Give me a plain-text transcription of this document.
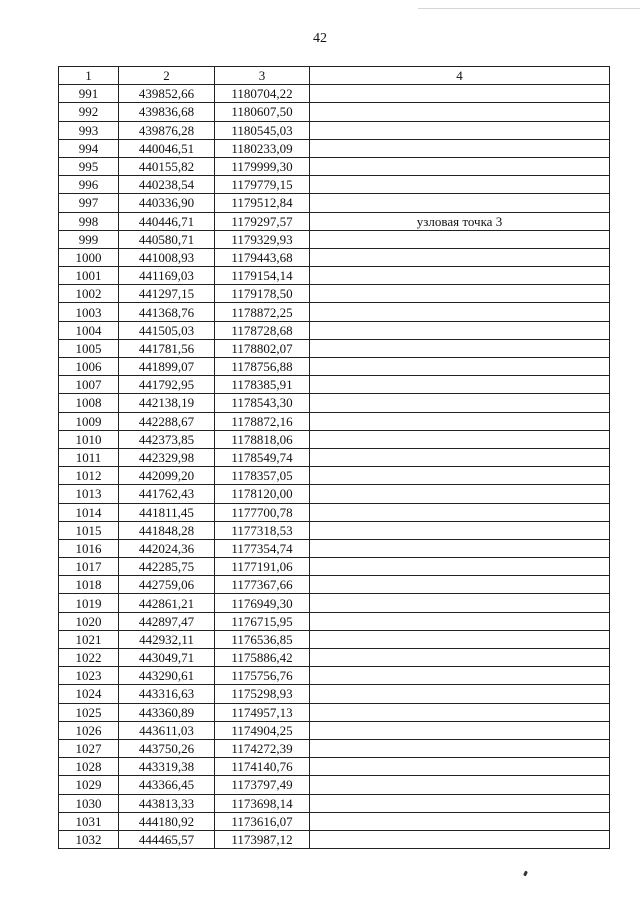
42
1	2	3	4
991	439852,66	1180704,22	
992	439836,68	1180607,50	
993	439876,28	1180545,03	
994	440046,51	1180233,09	
995	440155,82	1179999,30	
996	440238,54	1179779,15	
997	440336,90	1179512,84	
998	440446,71	1179297,57	узловая точка 3
999	440580,71	1179329,93	
1000	441008,93	1179443,68	
1001	441169,03	1179154,14	
1002	441297,15	1179178,50	
1003	441368,76	1178872,25	
1004	441505,03	1178728,68	
1005	441781,56	1178802,07	
1006	441899,07	1178756,88	
1007	441792,95	1178385,91	
1008	442138,19	1178543,30	
1009	442288,67	1178872,16	
1010	442373,85	1178818,06	
1011	442329,98	1178549,74	
1012	442099,20	1178357,05	
1013	441762,43	1178120,00	
1014	441811,45	1177700,78	
1015	441848,28	1177318,53	
1016	442024,36	1177354,74	
1017	442285,75	1177191,06	
1018	442759,06	1177367,66	
1019	442861,21	1176949,30	
1020	442897,47	1176715,95	
1021	442932,11	1176536,85	
1022	443049,71	1175886,42	
1023	443290,61	1175756,76	
1024	443316,63	1175298,93	
1025	443360,89	1174957,13	
1026	443611,03	1174904,25	
1027	443750,26	1174272,39	
1028	443319,38	1174140,76	
1029	443366,45	1173797,49	
1030	443813,33	1173698,14	
1031	444180,92	1173616,07	
1032	444465,57	1173987,12	
